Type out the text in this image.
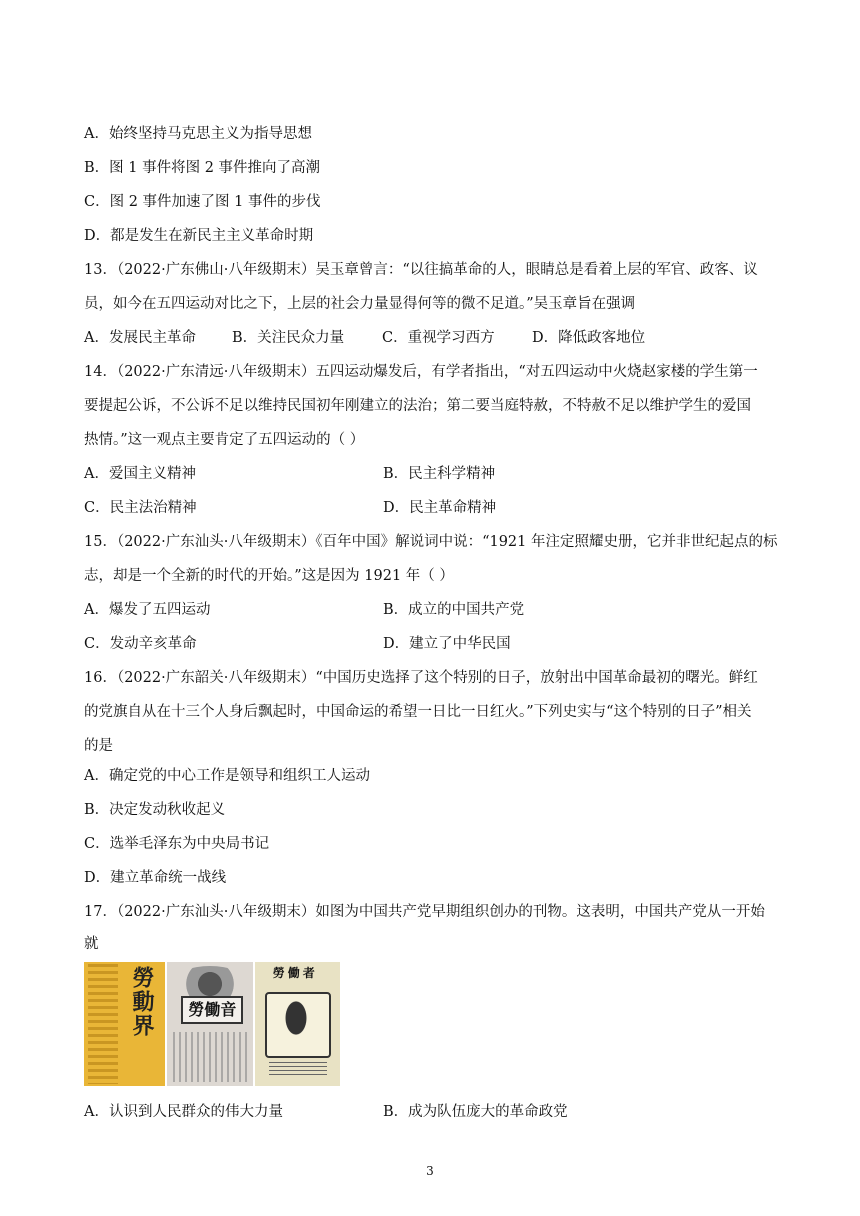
A．始终坚持马克思主义为指导思想
B．图 1 事件将图 2 事件推向了高潮
C．图 2 事件加速了图 1 事件的步伐
D．都是发生在新民主主义革命时期
13．（2022·广东佛山·八年级期末）吴玉章曾言：“以往搞革命的人，眼睛总是看着上层的军官、政客、议
员，如今在五四运动对比之下，上层的社会力量显得何等的微不足道。”吴玉章旨在强调
A．发展民主革命 B．关注民众力量	C．重视学习西方	D．降低政客地位
14．（2022·广东清远·八年级期末）五四运动爆发后，有学者指出，“对五四运动中火烧赵家楼的学生第一
要提起公诉，不公诉不足以维持民国初年刚建立的法治；第二要当庭特赦，不特赦不足以维护学生的爱国
热情。”这一观点主要肯定了五四运动的（ ）
A．爱国主义精神	B．民主科学精神
C．民主法治精神	D．民主革命精神
15．（2022·广东汕头·八年级期末）《百年中国》解说词中说：“1921 年注定照耀史册，它并非世纪起点的标
志，却是一个全新的时代的开始。”这是因为 1921 年（ ）
A．爆发了五四运动	B．成立的中国共产党
C．发动辛亥革命	D．建立了中华民国
16．（2022·广东韶关·八年级期末）“中国历史选择了这个特别的日子，放射出中国革命最初的曙光。鲜红
的党旗自从在十三个人身后飘起时，中国命运的希望一日比一日红火。”下列史实与“这个特别的日子”相关
的是
A．确定党的中心工作是领导和组织工人运动
B．决定发动秋收起义
C．选举毛泽东为中央局书记
D．建立革命统一战线
17．（2022·广东汕头·八年级期末）如图为中国共产党早期组织创办的刊物。这表明，中国共产党从一开始
就
勞動界	勞働音
勞働者
A．认识到人民群众的伟大力量	B．成为队伍庞大的革命政党
3
